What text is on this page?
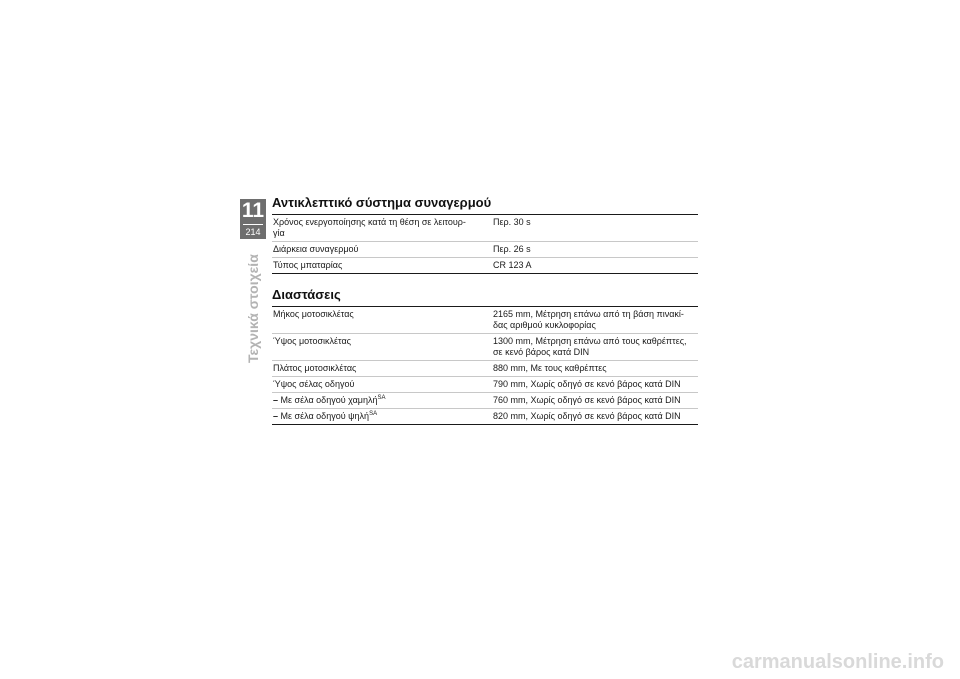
11
214
Τεχνικά στοιχεία
Αντικλεπτικό σύστημα συναγερμού
Χρόνος ενεργοποίησης κατά τη θέση σε λειτουρ-
γία	Περ. 30 s
Διάρκεια συναγερμού	Περ. 26 s
Τύπος μπαταρίας	CR 123 A
Διαστάσεις
Μήκος μοτοσικλέτας	2165 mm, Μέτρηση επάνω από τη βάση πινακί-
δας αριθμού κυκλοφορίας
Ύψος μοτοσικλέτας	1300 mm, Μέτρηση επάνω από τους καθρέπτες,
σε κενό βάρος κατά DIN
Πλάτος μοτοσικλέτας	880 mm, Με τους καθρέπτες
Ύψος σέλας οδηγού	790 mm, Χωρίς οδηγό σε κενό βάρος κατά DIN
– Με σέλα οδηγού χαμηλή$^{SA}$	760 mm, Χωρίς οδηγό σε κενό βάρος κατά DIN
– Με σέλα οδηγού ψηλή$^{SA}$	820 mm, Χωρίς οδηγό σε κενό βάρος κατά DIN
carmanualsonline.info
